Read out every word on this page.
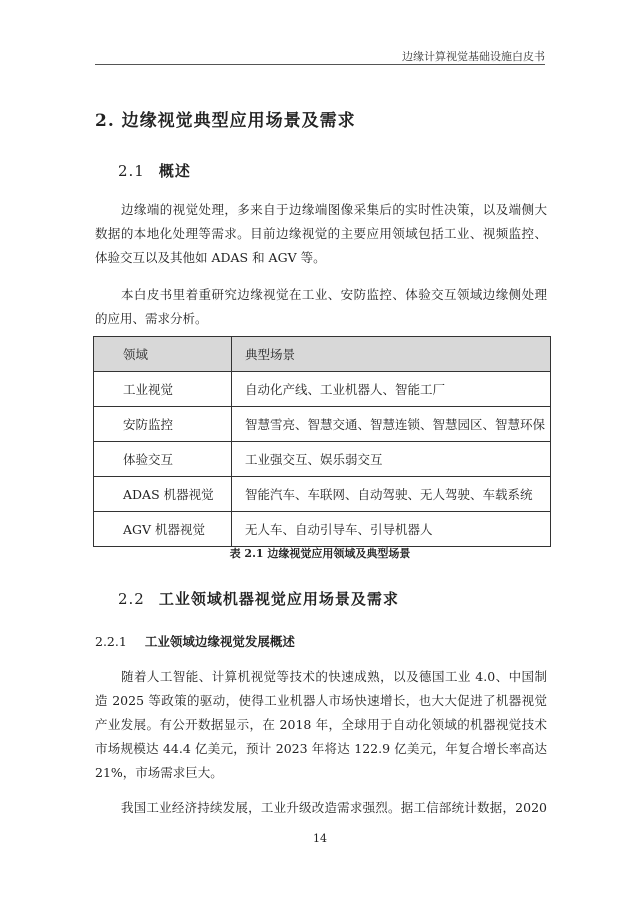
边缘计算视觉基础设施白皮书
2. 边缘视觉典型应用场景及需求
2.1 概述
边缘端的视觉处理，多来自于边缘端图像采集后的实时性决策，以及端侧大
数据的本地化处理等需求。目前边缘视觉的主要应用领域包括工业、视频监控、
体验交互以及其他如 ADAS 和 AGV 等。
本白皮书里着重研究边缘视觉在工业、安防监控、体验交互领域边缘侧处理
的应用、需求分析。
领域	典型场景
工业视觉	自动化产线、工业机器人、智能工厂
安防监控	智慧雪亮、智慧交通、智慧连锁、智慧园区、智慧环保
体验交互	工业强交互、娱乐弱交互
ADAS 机器视觉	智能汽车、车联网、自动驾驶、无人驾驶、车载系统
AGV 机器视觉	无人车、自动引导车、引导机器人
表 2.1 边缘视觉应用领域及典型场景
2.2 工业领域机器视觉应用场景及需求
2.2.1 工业领域边缘视觉发展概述
随着人工智能、计算机视觉等技术的快速成熟，以及德国工业 4.0、中国制
造 2025 等政策的驱动，使得工业机器人市场快速增长，也大大促进了机器视觉
产业发展。有公开数据显示，在 2018 年，全球用于自动化领域的机器视觉技术
市场规模达 44.4 亿美元，预计 2023 年将达 122.9 亿美元，年复合增长率高达
21%，市场需求巨大。
我国工业经济持续发展，工业升级改造需求强烈。据工信部统计数据，2020
14
